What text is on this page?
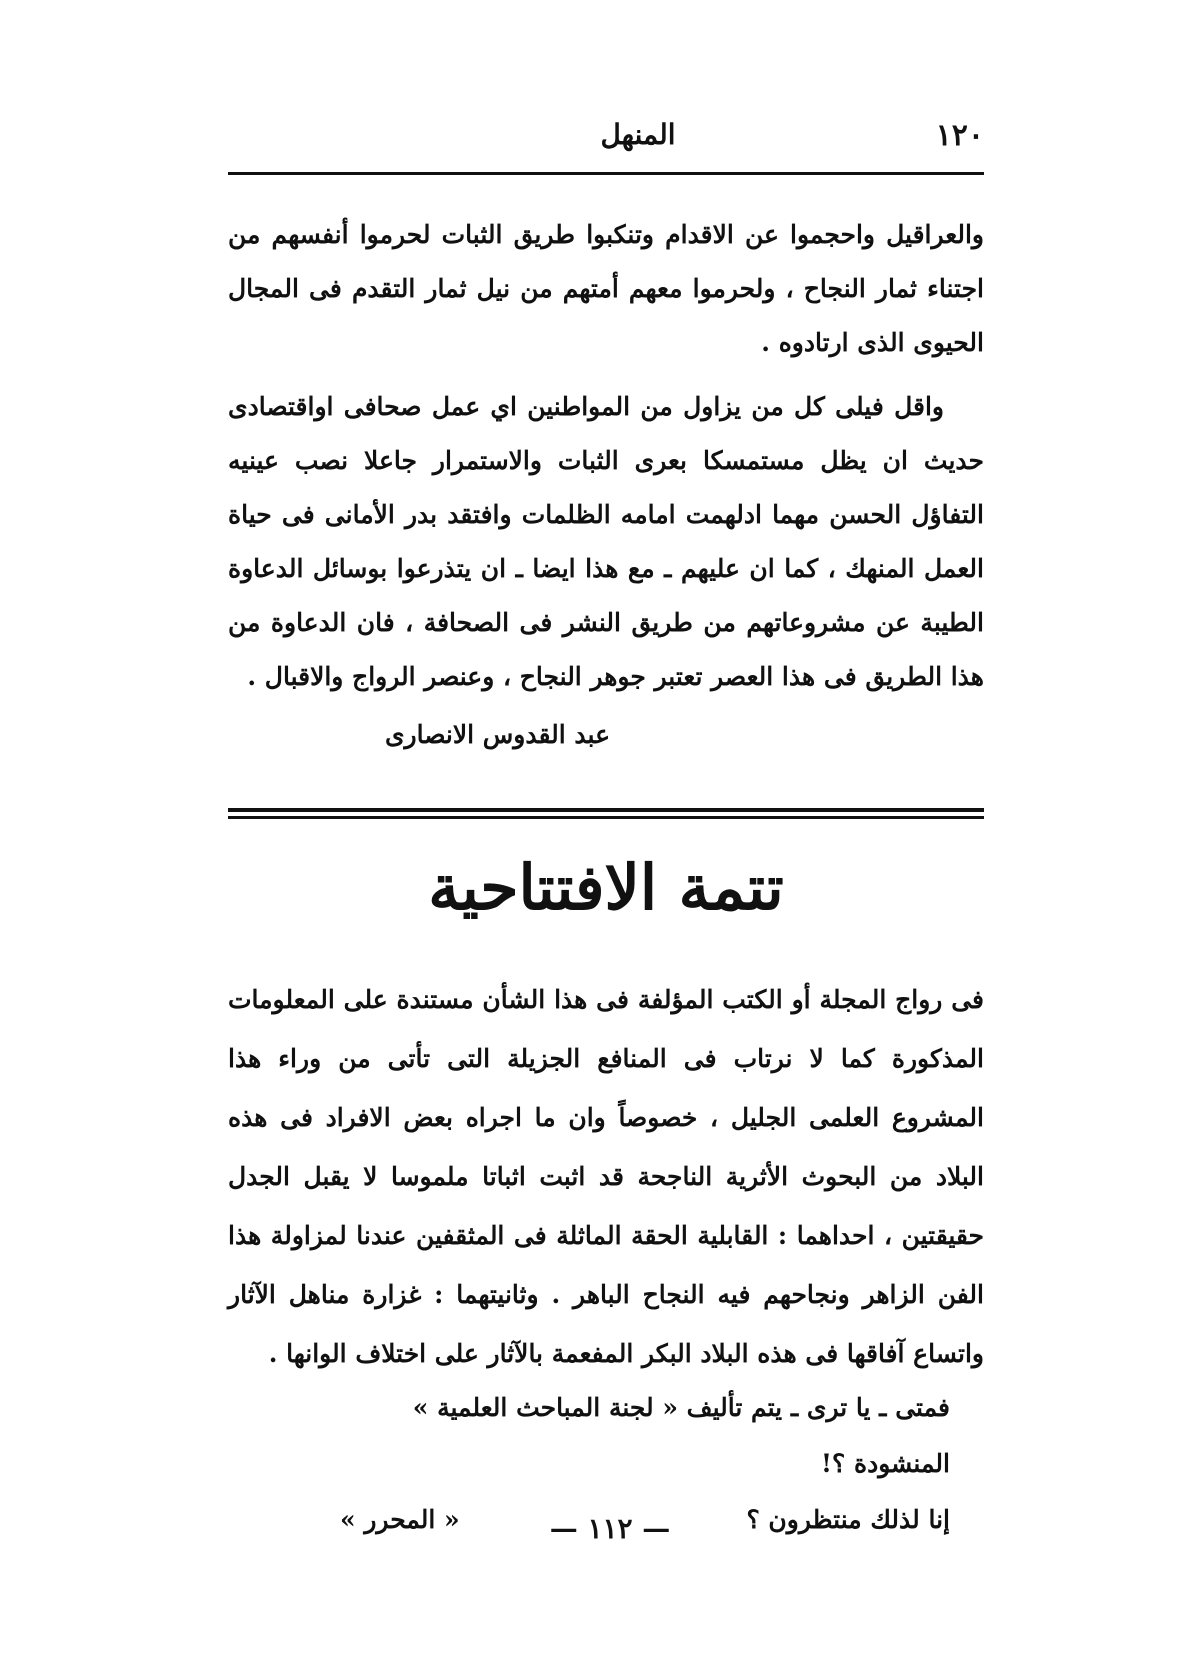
المنهل	١٢٠

والعراقيل واحجموا عن الاقدام وتنكبوا طريق الثبات لحرموا أنفسهم من اجتناء ثمار النجاح ، ولحرموا معهم أمتهم من نيل ثمار التقدم فى المجال الحيوى الذى ارتادوه .

واقل فيلى كل من يزاول من المواطنين اي عمل صحافى اواقتصادى حديث ان يظل مستمسكا بعرى الثبات والاستمرار جاعلا نصب عينيه التفاؤل الحسن مهما ادلهمت امامه الظلمات وافتقد بدر الأمانى فى حياة العمل المنهك ، كما ان عليهم ـ مع هذا ايضا ـ ان يتذرعوا بوسائل الدعاوة الطيبة عن مشروعاتهم من طريق النشر فى الصحافة ، فان الدعاوة من هذا الطريق فى هذا العصر تعتبر جوهر النجاح ، وعنصر الرواج والاقبال .

عبد القدوس الانصارى
تتمة الافتتاحية

فى رواج المجلة أو الكتب المؤلفة فى هذا الشأن مستندة على المعلومات المذكورة كما لا نرتاب فى المنافع الجزيلة التى تأتى من وراء هذا المشروع العلمى الجليل ، خصوصاً وان ما اجراه بعض الافراد فى هذه البلاد من البحوث الأثرية الناجحة قد اثبت اثباتا ملموسا لا يقبل الجدل حقيقتين ، احداهما : القابلية الحقة الماثلة فى المثقفين عندنا لمزاولة هذا الفن الزاهر ونجاحهم فيه النجاح الباهر . وثانيتهما : غزارة مناهل الآثار واتساع آفاقها فى هذه البلاد البكر المفعمة بالآثار على اختلاف الوانها .

فمتى ـ يا ترى ـ يتم تأليف « لجنة المباحث العلمية » المنشودة ؟!
إنا لذلك منتظرون ؟
« المحرر »	— ١١٢ —
